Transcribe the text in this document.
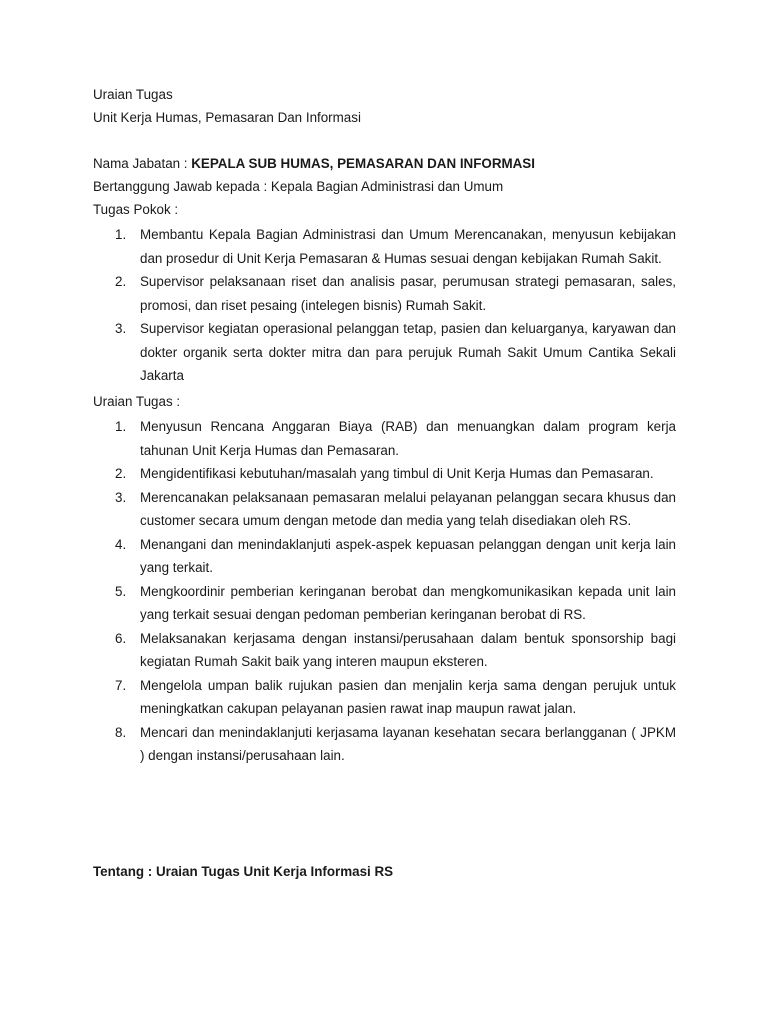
Uraian Tugas
Unit Kerja Humas, Pemasaran Dan Informasi
Nama Jabatan : KEPALA SUB HUMAS, PEMASARAN DAN INFORMASI
Bertanggung Jawab kepada : Kepala Bagian Administrasi dan Umum
Tugas Pokok :
1. Membantu Kepala Bagian Administrasi dan Umum Merencanakan, menyusun kebijakan dan prosedur di Unit Kerja Pemasaran & Humas sesuai dengan kebijakan Rumah Sakit.
2. Supervisor pelaksanaan riset dan analisis pasar, perumusan strategi pemasaran, sales, promosi, dan riset pesaing (intelegen bisnis) Rumah Sakit.
3. Supervisor kegiatan operasional pelanggan tetap, pasien dan keluarganya, karyawan dan dokter organik serta dokter mitra dan para perujuk Rumah Sakit Umum Cantika Sekali Jakarta
Uraian Tugas :
1. Menyusun Rencana Anggaran Biaya (RAB) dan menuangkan dalam program kerja tahunan Unit Kerja Humas dan Pemasaran.
2. Mengidentifikasi kebutuhan/masalah yang timbul di Unit Kerja Humas dan Pemasaran.
3. Merencanakan pelaksanaan pemasaran melalui pelayanan pelanggan secara khusus dan customer secara umum dengan metode dan media yang telah disediakan oleh RS.
4. Menangani dan menindaklanjuti aspek-aspek kepuasan pelanggan dengan unit kerja lain yang terkait.
5. Mengkoordinir pemberian keringanan berobat dan mengkomunikasikan kepada unit lain yang terkait sesuai dengan pedoman pemberian keringanan berobat di RS.
6. Melaksanakan kerjasama dengan instansi/perusahaan dalam bentuk sponsorship bagi kegiatan Rumah Sakit baik yang interen maupun eksteren.
7. Mengelola umpan balik rujukan pasien dan menjalin kerja sama dengan perujuk untuk meningkatkan cakupan pelayanan pasien rawat inap maupun rawat jalan.
8. Mencari dan menindaklanjuti kerjasama layanan kesehatan secara berlangganan ( JPKM ) dengan instansi/perusahaan lain.
Tentang : Uraian Tugas Unit Kerja Informasi RS
